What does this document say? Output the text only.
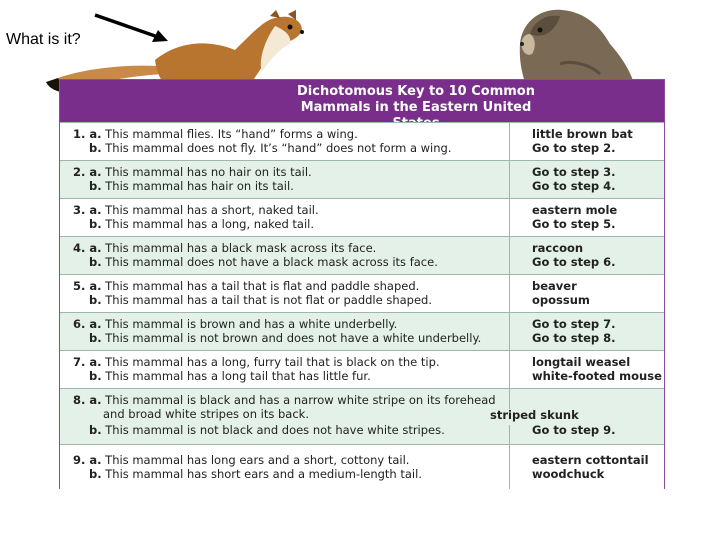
What is it?
Dichotomous Key to 10 Common
Mammals in the Eastern United
1. a. This mammal flies. Its “hand” forms a wing.
b. This mammal does not fly. It’s “hand” does not form a wing.
little brown bat
Go to step 2.
2. a. This mammal has no hair on its tail.
b. This mammal has hair on its tail.
Go to step 3.
Go to step 4.
3. a. This mammal has a short, naked tail.
b. This mammal has a long, naked tail.
eastern mole
Go to step 5.
4. a. This mammal has a black mask across its face.
b. This mammal does not have a black mask across its face.
raccoon
Go to step 6.
5. a. This mammal has a tail that is flat and paddle shaped.
b. This mammal has a tail that is not flat or paddle shaped.
beaver
opossum
6. a. This mammal is brown and has a white underbelly.
b. This mammal is not brown and does not have a white underbelly.
Go to step 7.
Go to step 8.
7. a. This mammal has a long, furry tail that is black on the tip.
b. This mammal has a long tail that has little fur.
longtail weasel
white-footed mouse
8. a. This mammal is black and has a narrow white stripe on its forehead
and broad white stripes on its back.
b. This mammal is not black and does not have white stripes.
striped skunk
Go to step 9.
9. a. This mammal has long ears and a short, cottony tail.
b. This mammal has short ears and a medium-length tail.
eastern cottontail
woodchuck
